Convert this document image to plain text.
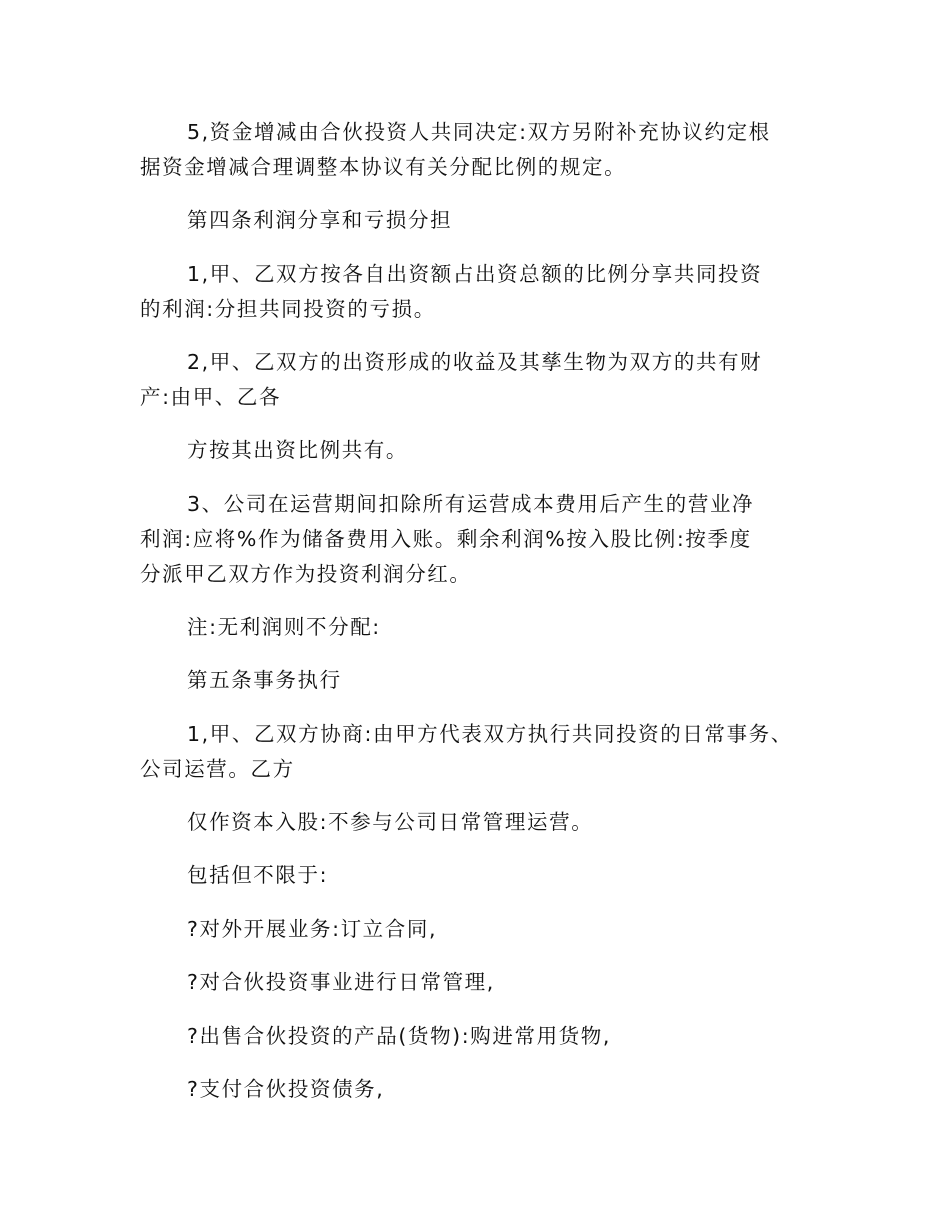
5,资金增减由合伙投资人共同决定:双方另附补充协议约定根
据资金增减合理调整本协议有关分配比例的规定。

第四条利润分享和亏损分担

1,甲、乙双方按各自出资额占出资总额的比例分享共同投资
的利润:分担共同投资的亏损。

2,甲、乙双方的出资形成的收益及其孳生物为双方的共有财
产:由甲、乙各

方按其出资比例共有。

3、公司在运营期间扣除所有运营成本费用后产生的营业净
利润:应将%作为储备费用入账。剩余利润%按入股比例:按季度
分派甲乙双方作为投资利润分红。

注:无利润则不分配:

第五条事务执行

1,甲、乙双方协商:由甲方代表双方执行共同投资的日常事务、
公司运营。乙方

仅作资本入股:不参与公司日常管理运营。

包括但不限于:

?对外开展业务:订立合同,

?对合伙投资事业进行日常管理,

?出售合伙投资的产品(货物):购进常用货物,

?支付合伙投资债务,
